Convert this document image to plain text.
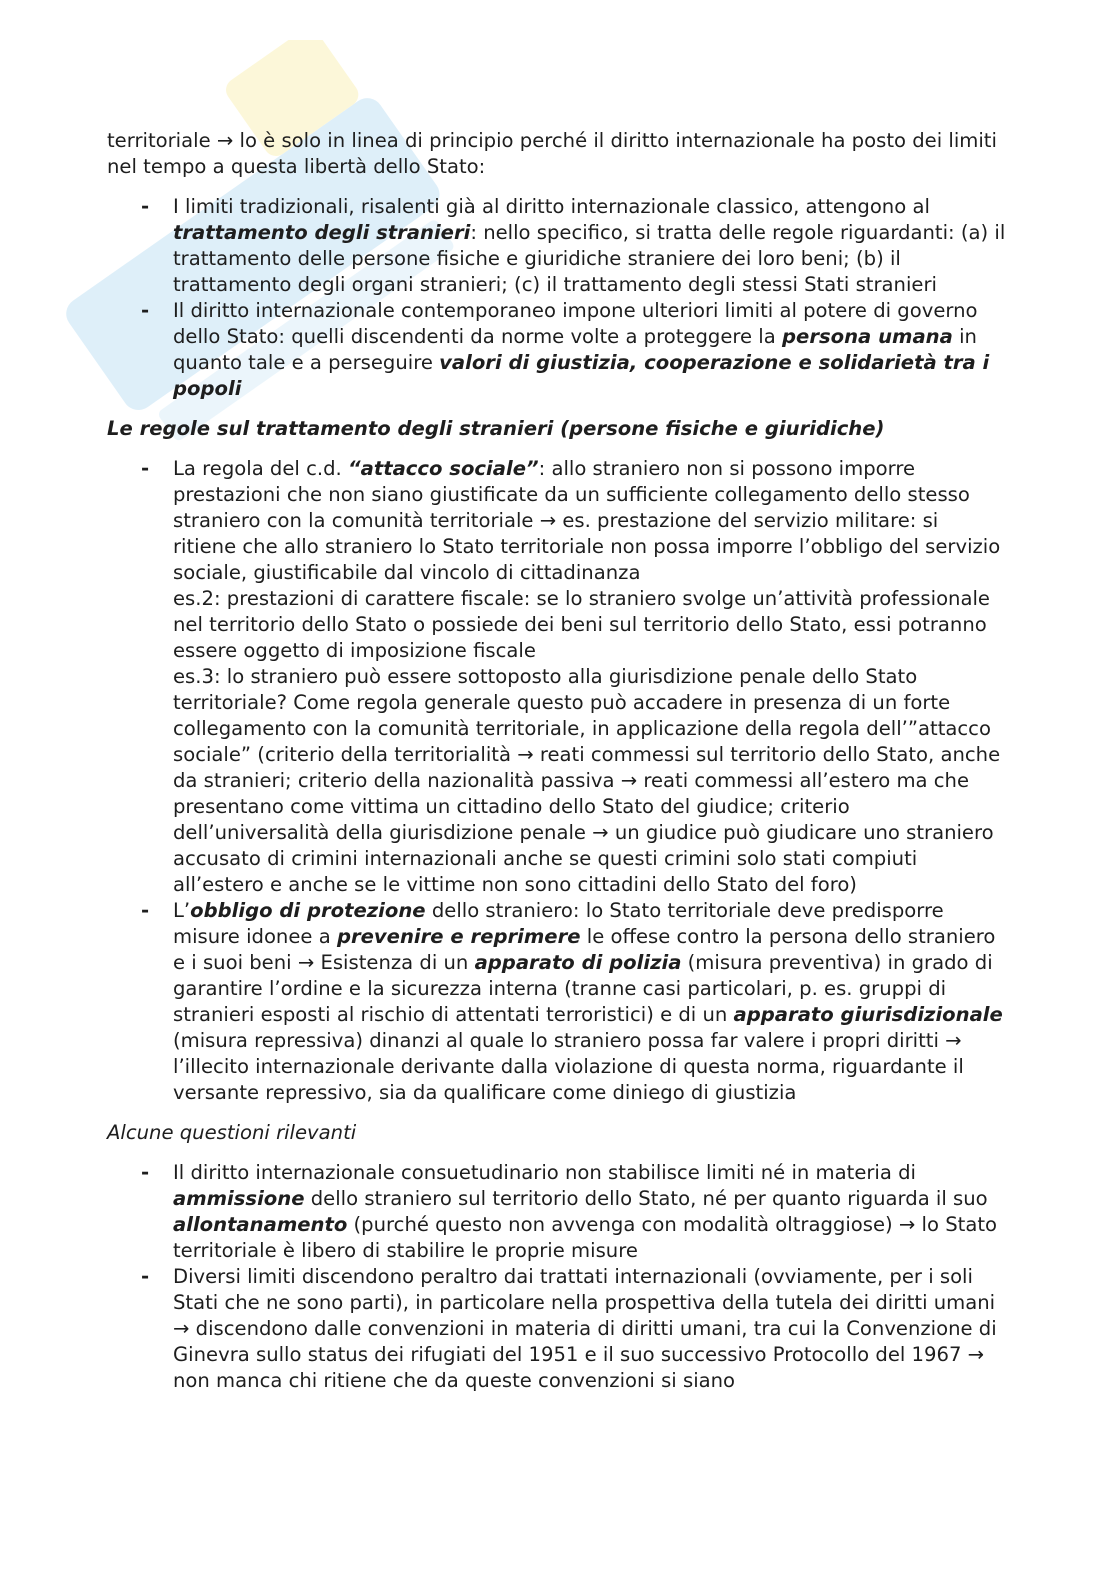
territoriale → lo è solo in linea di principio perché il diritto internazionale ha posto dei limiti nel tempo a questa libertà dello Stato:

- I limiti tradizionali, risalenti già al diritto internazionale classico, attengono al trattamento degli stranieri: nello specifico, si tratta delle regole riguardanti: (a) il trattamento delle persone fisiche e giuridiche straniere dei loro beni; (b) il trattamento degli organi stranieri; (c) il trattamento degli stessi Stati stranieri
- Il diritto internazionale contemporaneo impone ulteriori limiti al potere di governo dello Stato: quelli discendenti da norme volte a proteggere la persona umana in quanto tale e a perseguire valori di giustizia, cooperazione e solidarietà tra i popoli

Le regole sul trattamento degli stranieri (persone fisiche e giuridiche)

- La regola del c.d. “attacco sociale”: allo straniero non si possono imporre prestazioni che non siano giustificate da un sufficiente collegamento dello stesso straniero con la comunità territoriale → es. prestazione del servizio militare: si ritiene che allo straniero lo Stato territoriale non possa imporre l’obbligo del servizio sociale, giustificabile dal vincolo di cittadinanza

es.2: prestazioni di carattere fiscale: se lo straniero svolge un’attività professionale nel territorio dello Stato o possiede dei beni sul territorio dello Stato, essi potranno essere oggetto di imposizione fiscale

es.3: lo straniero può essere sottoposto alla giurisdizione penale dello Stato territoriale? Come regola generale questo può accadere in presenza di un forte collegamento con la comunità territoriale, in applicazione della regola dell’”attacco sociale” (criterio della territorialità → reati commessi sul territorio dello Stato, anche da stranieri; criterio della nazionalità passiva → reati commessi all’estero ma che presentano come vittima un cittadino dello Stato del giudice; criterio dell’universalità della giurisdizione penale → un giudice può giudicare uno straniero accusato di crimini internazionali anche se questi crimini solo stati compiuti all’estero e anche se le vittime non sono cittadini dello Stato del foro)

- L’obbligo di protezione dello straniero: lo Stato territoriale deve predisporre misure idonee a prevenire e reprimere le offese contro la persona dello straniero e i suoi beni → Esistenza di un apparato di polizia (misura preventiva) in grado di garantire l’ordine e la sicurezza interna (tranne casi particolari, p. es. gruppi di stranieri esposti al rischio di attentati terroristici) e di un apparato giurisdizionale (misura repressiva) dinanzi al quale lo straniero possa far valere i propri diritti → l’illecito internazionale derivante dalla violazione di questa norma, riguardante il versante repressivo, sia da qualificare come diniego di giustizia

Alcune questioni rilevanti

- Il diritto internazionale consuetudinario non stabilisce limiti né in materia di ammissione dello straniero sul territorio dello Stato, né per quanto riguarda il suo allontanamento (purché questo non avvenga con modalità oltraggiose) → lo Stato territoriale è libero di stabilire le proprie misure
- Diversi limiti discendono peraltro dai trattati internazionali (ovviamente, per i soli Stati che ne sono parti), in particolare nella prospettiva della tutela dei diritti umani → discendono dalle convenzioni in materia di diritti umani, tra cui la Convenzione di Ginevra sullo status dei rifugiati del 1951 e il suo successivo Protocollo del 1967 → non manca chi ritiene che da queste convenzioni si siano
